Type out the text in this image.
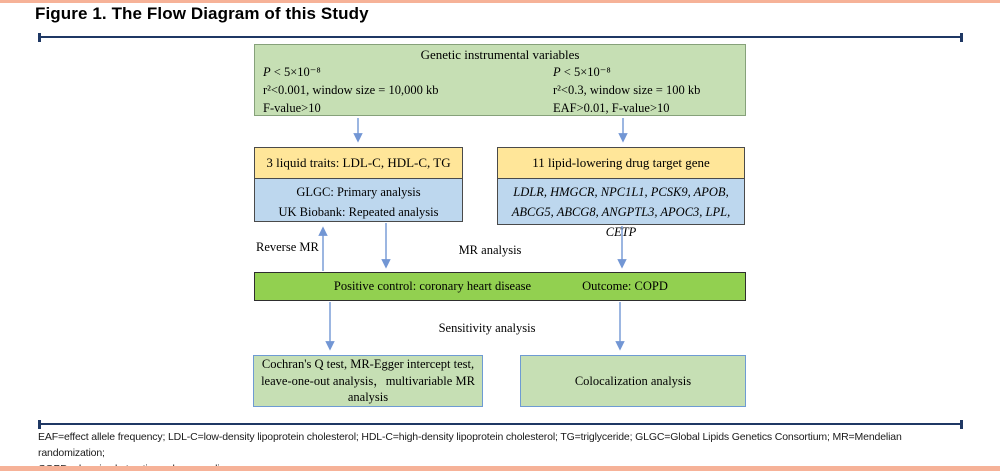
Figure 1. The Flow Diagram of this Study
Genetic instrumental variables
P < 5×10⁻⁸
r²<0.001, window size = 10,000 kb
F-value>10
P < 5×10⁻⁸
r²<0.3, window size = 100 kb
EAF>0.01, F-value>10
3 liquid traits: LDL-C, HDL-C, TG
GLGC: Primary analysis
UK Biobank: Repeated analysis
11 lipid-lowering drug target gene
LDLR, HMGCR, NPC1L1, PCSK9, APOB, ABCG5, ABCG8, ANGPTL3, APOC3, LPL, CETP
Reverse MR	MR analysis
Positive control: coronary heart disease	Outcome: COPD
Sensitivity analysis
Cochran's Q test, MR-Egger intercept test, leave-one-out analysis，multivariable MR analysis
Colocalization analysis
EAF=effect allele frequency; LDL-C=low-density lipoprotein cholesterol; HDL-C=high-density lipoprotein cholesterol; TG=triglyceride; GLGC=Global Lipids Genetics Consortium; MR=Mendelian randomization;
